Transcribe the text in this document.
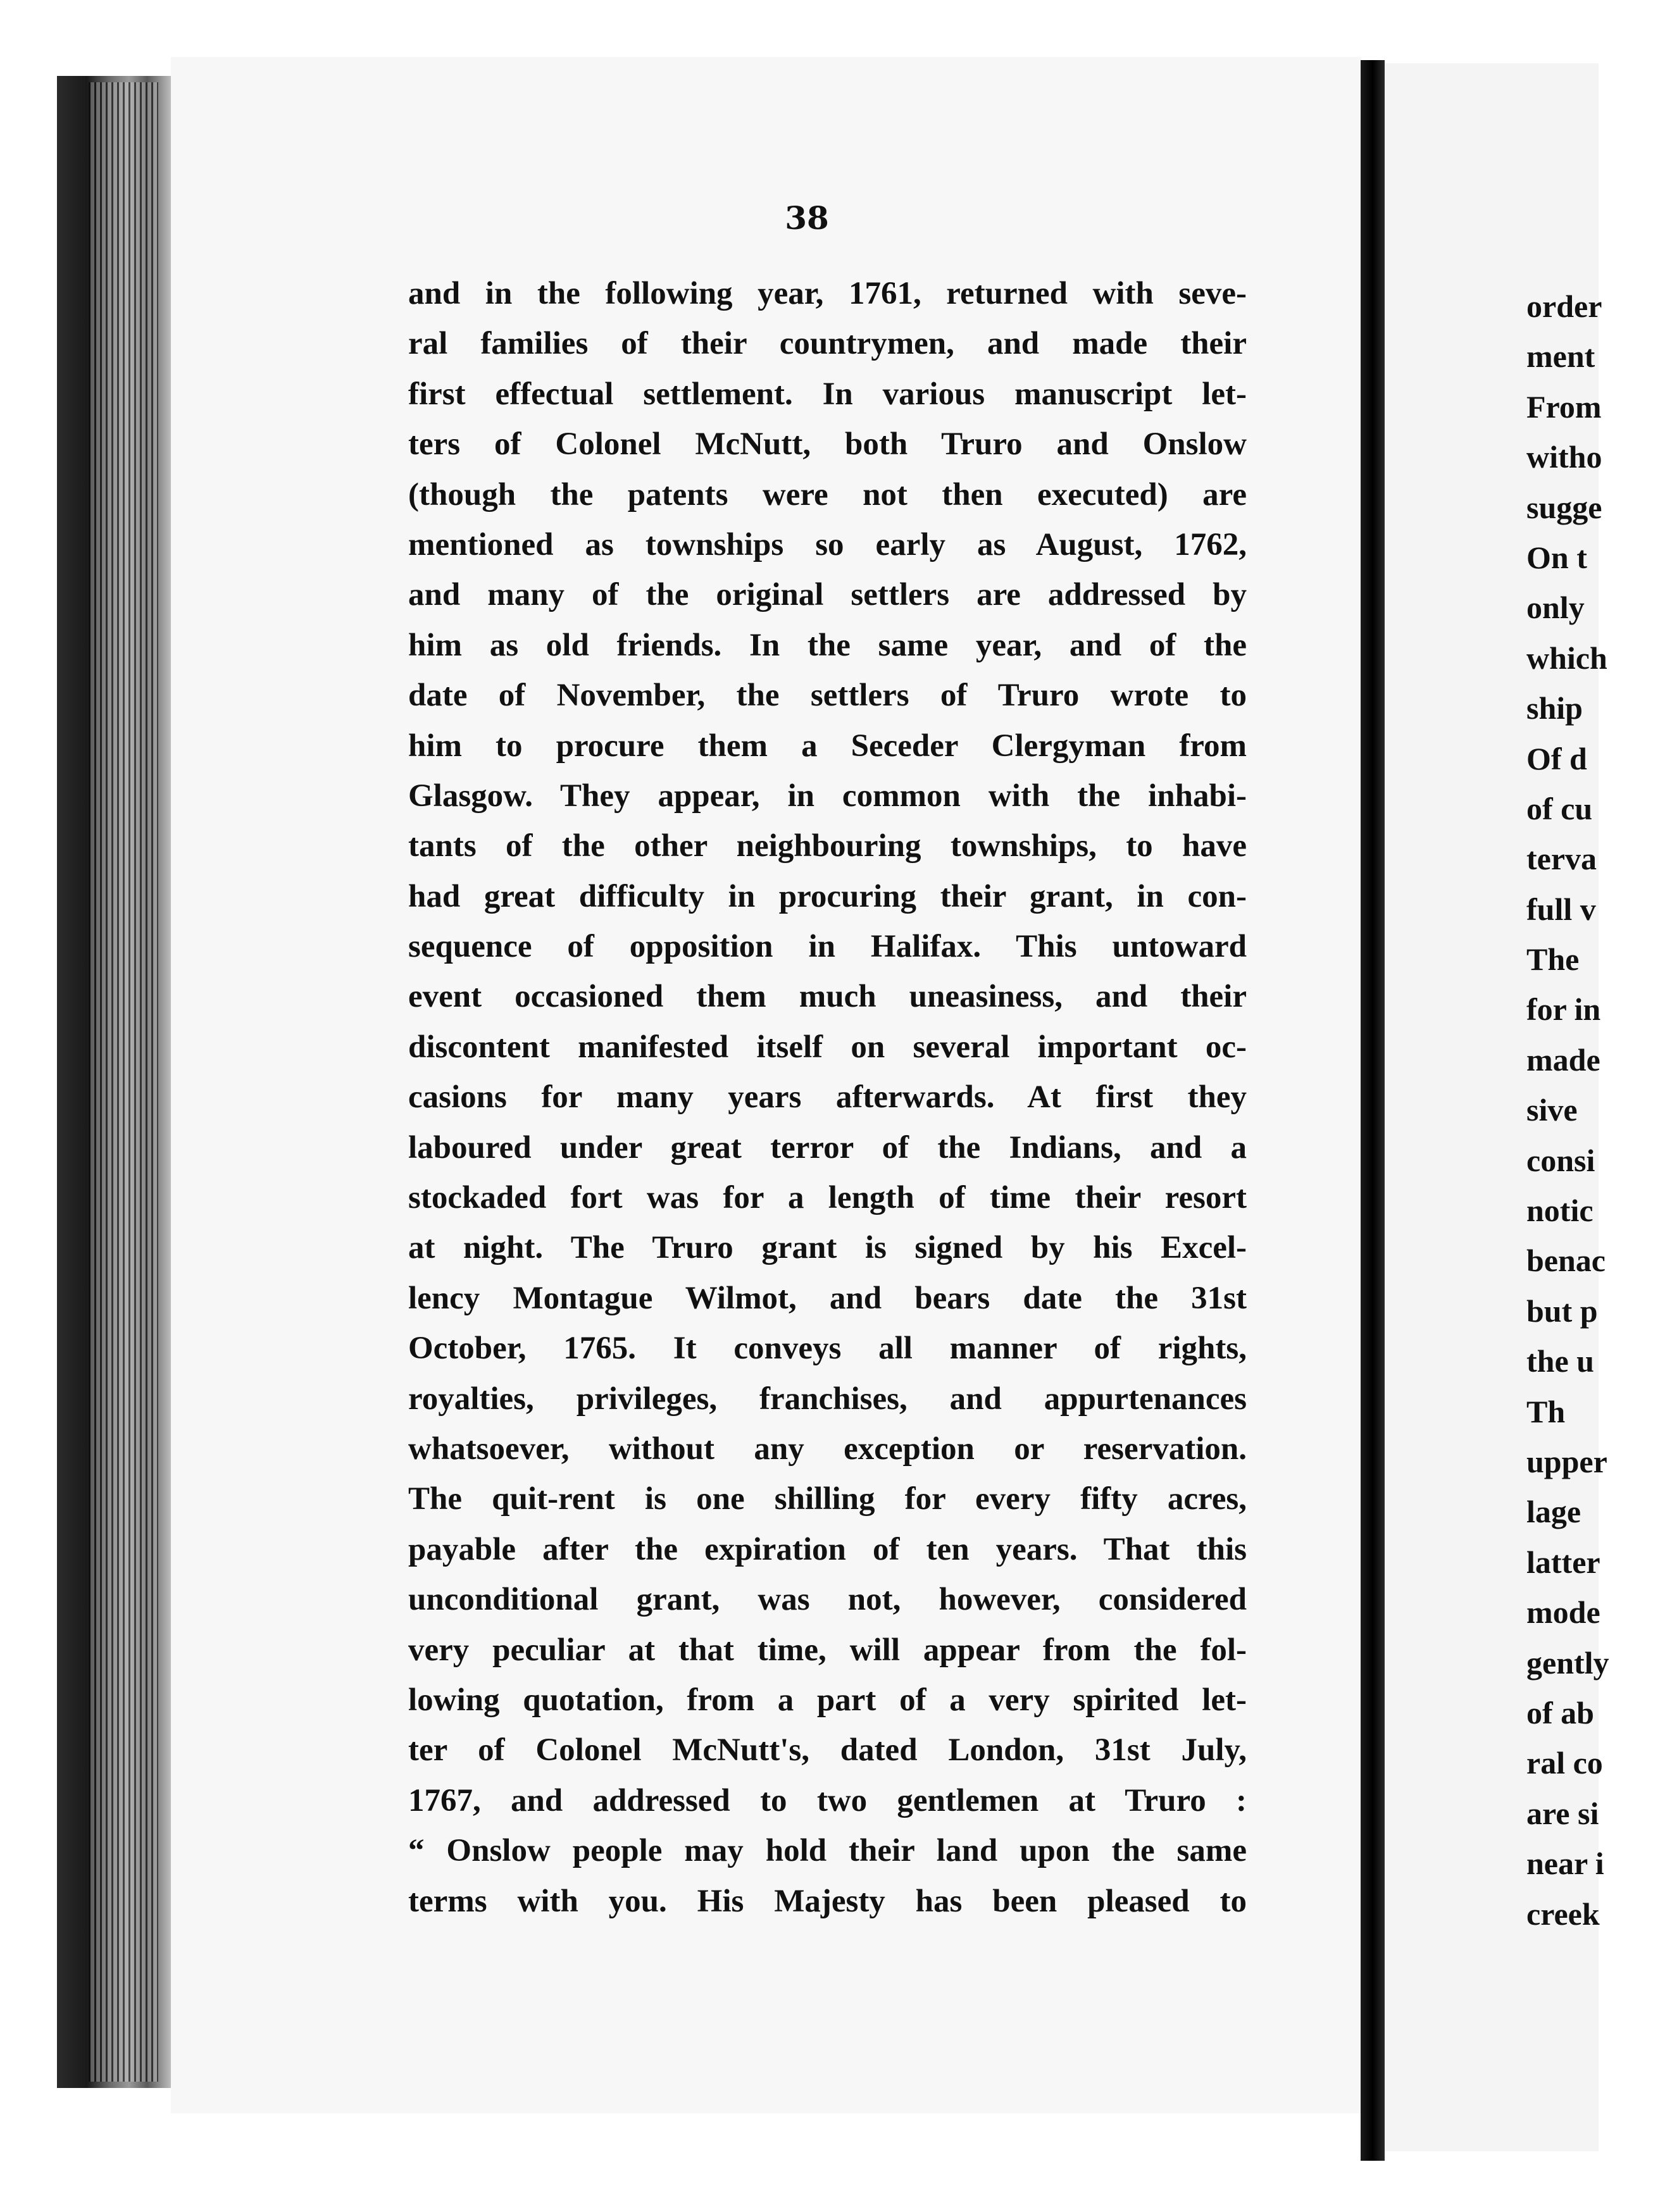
38
and in the following year, 1761, returned with seve-
ral families of their countrymen, and made their
first effectual settlement. In various manuscript let-
ters of Colonel McNutt, both Truro and Onslow
(though the patents were not then executed) are
mentioned as townships so early as August, 1762,
and many of the original settlers are addressed by
him as old friends. In the same year, and of the
date of November, the settlers of Truro wrote to
him to procure them a Seceder Clergyman from
Glasgow. They appear, in common with the inhabi-
tants of the other neighbouring townships, to have
had great difficulty in procuring their grant, in con-
sequence of opposition in Halifax. This untoward
event occasioned them much uneasiness, and their
discontent manifested itself on several important oc-
casions for many years afterwards. At first they
laboured under great terror of the Indians, and a
stockaded fort was for a length of time their resort
at night. The Truro grant is signed by his Excel-
lency Montague Wilmot, and bears date the 31st
October, 1765. It conveys all manner of rights,
royalties, privileges, franchises, and appurtenances
whatsoever, without any exception or reservation.
The quit-rent is one shilling for every fifty acres,
payable after the expiration of ten years. That this
unconditional grant, was not, however, considered
very peculiar at that time, will appear from the fol-
lowing quotation, from a part of a very spirited let-
ter of Colonel McNutt's, dated London, 31st July,
1767, and addressed to two gentlemen at Truro :
“ Onslow people may hold their land upon the same
terms with you. His Majesty has been pleased to
order
ment
From
witho
sugge
On t
only
which
ship
Of d
of cu
terva
full v
The
for in
made
sive
consi
notic
benac
but p
the u
Th
upper
lage
latter
mode
gently
of ab
ral co
are si
near i
creek
